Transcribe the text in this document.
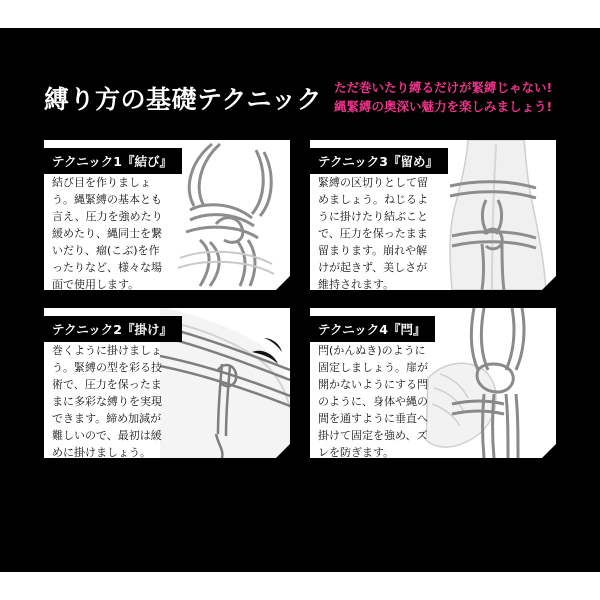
縛り方の基礎テクニック ただ巻いたり縛るだけが緊縛じゃない!
縄緊縛の奥深い魅力を楽しみましょう!
テクニック1『結び』
結び目を作りましょう。縄緊縛の基本とも言え、圧力を強めたり緩めたり、縄同士を繋いだり、瘤(こぶ)を作ったりなど、様々な場面で使用します。
テクニック3『留め』
緊縛の区切りとして留めましょう。ねじるように掛けたり結ぶことで、圧力を保ったまま留まります。崩れや解けが起きず、美しさが維持されます。
テクニック2『掛け』
巻くように掛けましょう。緊縛の型を彩る技術で、圧力を保ったままに多彩な縛りを実現できます。締め加減が難しいので、最初は緩めに掛けましょう。
テクニック4『閂』
閂(かんぬき)のように固定しましょう。扉が開かないようにする閂のように、身体や縄の間を通すように垂直へ掛けて固定を強め、ズレを防ぎます。
